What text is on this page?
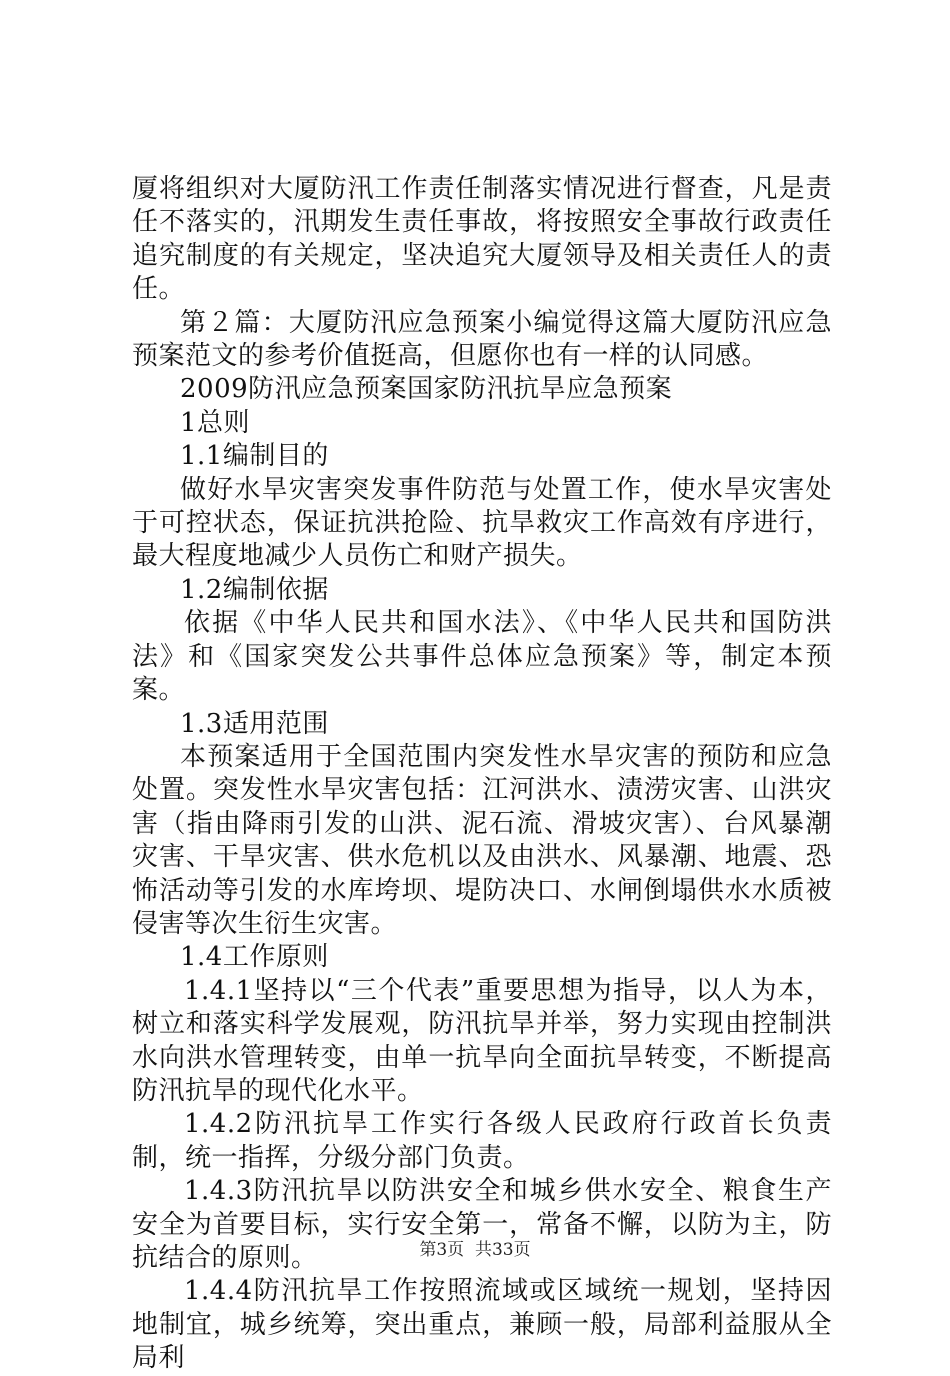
厦将组织对大厦防汛工作责任制落实情况进行督查，凡是责任不落实的，汛期发生责任事故，将按照安全事故行政责任追究制度的有关规定，坚决追究大厦领导及相关责任人的责任。

第２篇：大厦防汛应急预案小编觉得这篇大厦防汛应急预案范文的参考价值挺高，但愿你也有一样的认同感。

2009防汛应急预案国家防汛抗旱应急预案

1总则

1.1编制目的

做好水旱灾害突发事件防范与处置工作，使水旱灾害处于可控状态，保证抗洪抢险、抗旱救灾工作高效有序进行，最大程度地减少人员伤亡和财产损失。

1.2编制依据

依据《中华人民共和国水法》、《中华人民共和国防洪法》和《国家突发公共事件总体应急预案》等，制定本预案。

1.3适用范围

本预案适用于全国范围内突发性水旱灾害的预防和应急处置。突发性水旱灾害包括：江河洪水、渍涝灾害、山洪灾害（指由降雨引发的山洪、泥石流、滑坡灾害）、台风暴潮灾害、干旱灾害、供水危机以及由洪水、风暴潮、地震、恐怖活动等引发的水库垮坝、堤防决口、水闸倒塌供水水质被侵害等次生衍生灾害。

1.4工作原则

1.4.1坚持以“三个代表”重要思想为指导，以人为本，树立和落实科学发展观，防汛抗旱并举，努力实现由控制洪水向洪水管理转变，由单一抗旱向全面抗旱转变，不断提高防汛抗旱的现代化水平。

1.4.2防汛抗旱工作实行各级人民政府行政首长负责制，统一指挥，分级分部门负责。

1.4.3防汛抗旱以防洪安全和城乡供水安全、粮食生产安全为首要目标，实行安全第一，常备不懈，以防为主，防抗结合的原则。

1.4.4防汛抗旱工作按照流域或区域统一规划，坚持因地制宜，城乡统筹，突出重点，兼顾一般，局部利益服从全局利

第3页  共33页
